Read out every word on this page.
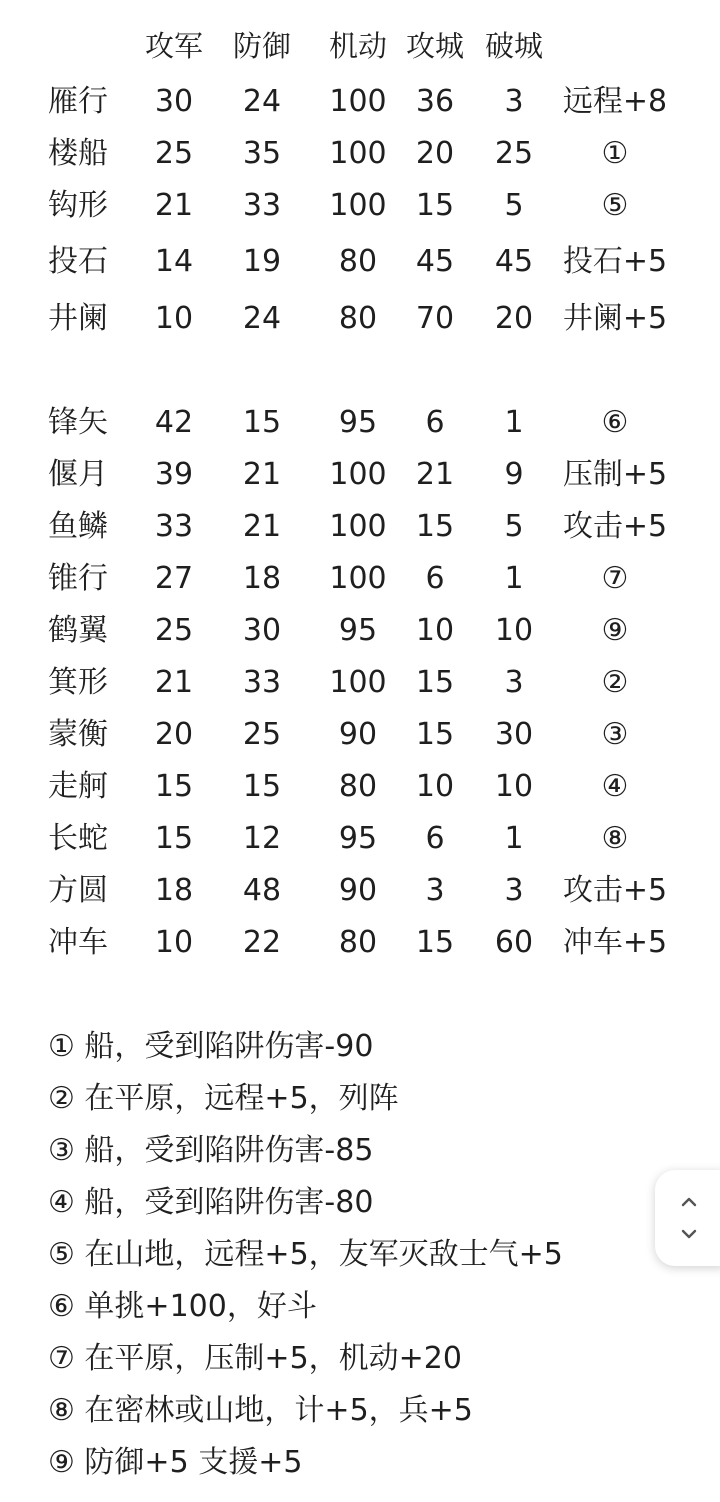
攻军	防御	机动 攻城 破城
雁行	30	24	100 36	3	远程+8
楼船	25	35	100 20	25	①
钩形	21	33	100 15	5	⑤
投石	14	19	80	45	45 投石+5
井阑	10	24	80	70	20 井阑+5
锋矢	42	15	95	6	1	⑥
偃月	39	21	100 21	9	压制+5
鱼鳞	33	21	100 15	5	攻击+5
锥行	27	18	100	6	1	⑦
鹤翼	25	30	95	10	10	⑨
箕形	21	33	100 15	3	②
蒙衡	20	25	90	15	30	③
走舸	15	15	80	10	10	④
长蛇	15	12	95	6	1	⑧
方圆	18	48	90	3	3	攻击+5
冲车	10	22	80	15	60 冲车+5
① 船，受到陷阱伤害-90
② 在平原，远程+5，列阵
③ 船，受到陷阱伤害-85
④ 船，受到陷阱伤害-80
⑤ 在山地，远程+5，友军灭敌士气+5
⑥ 单挑+100，好斗
⑦ 在平原，压制+5，机动+20
⑧ 在密林或山地，计+5，兵+5
⑨ 防御+5 支援+5
